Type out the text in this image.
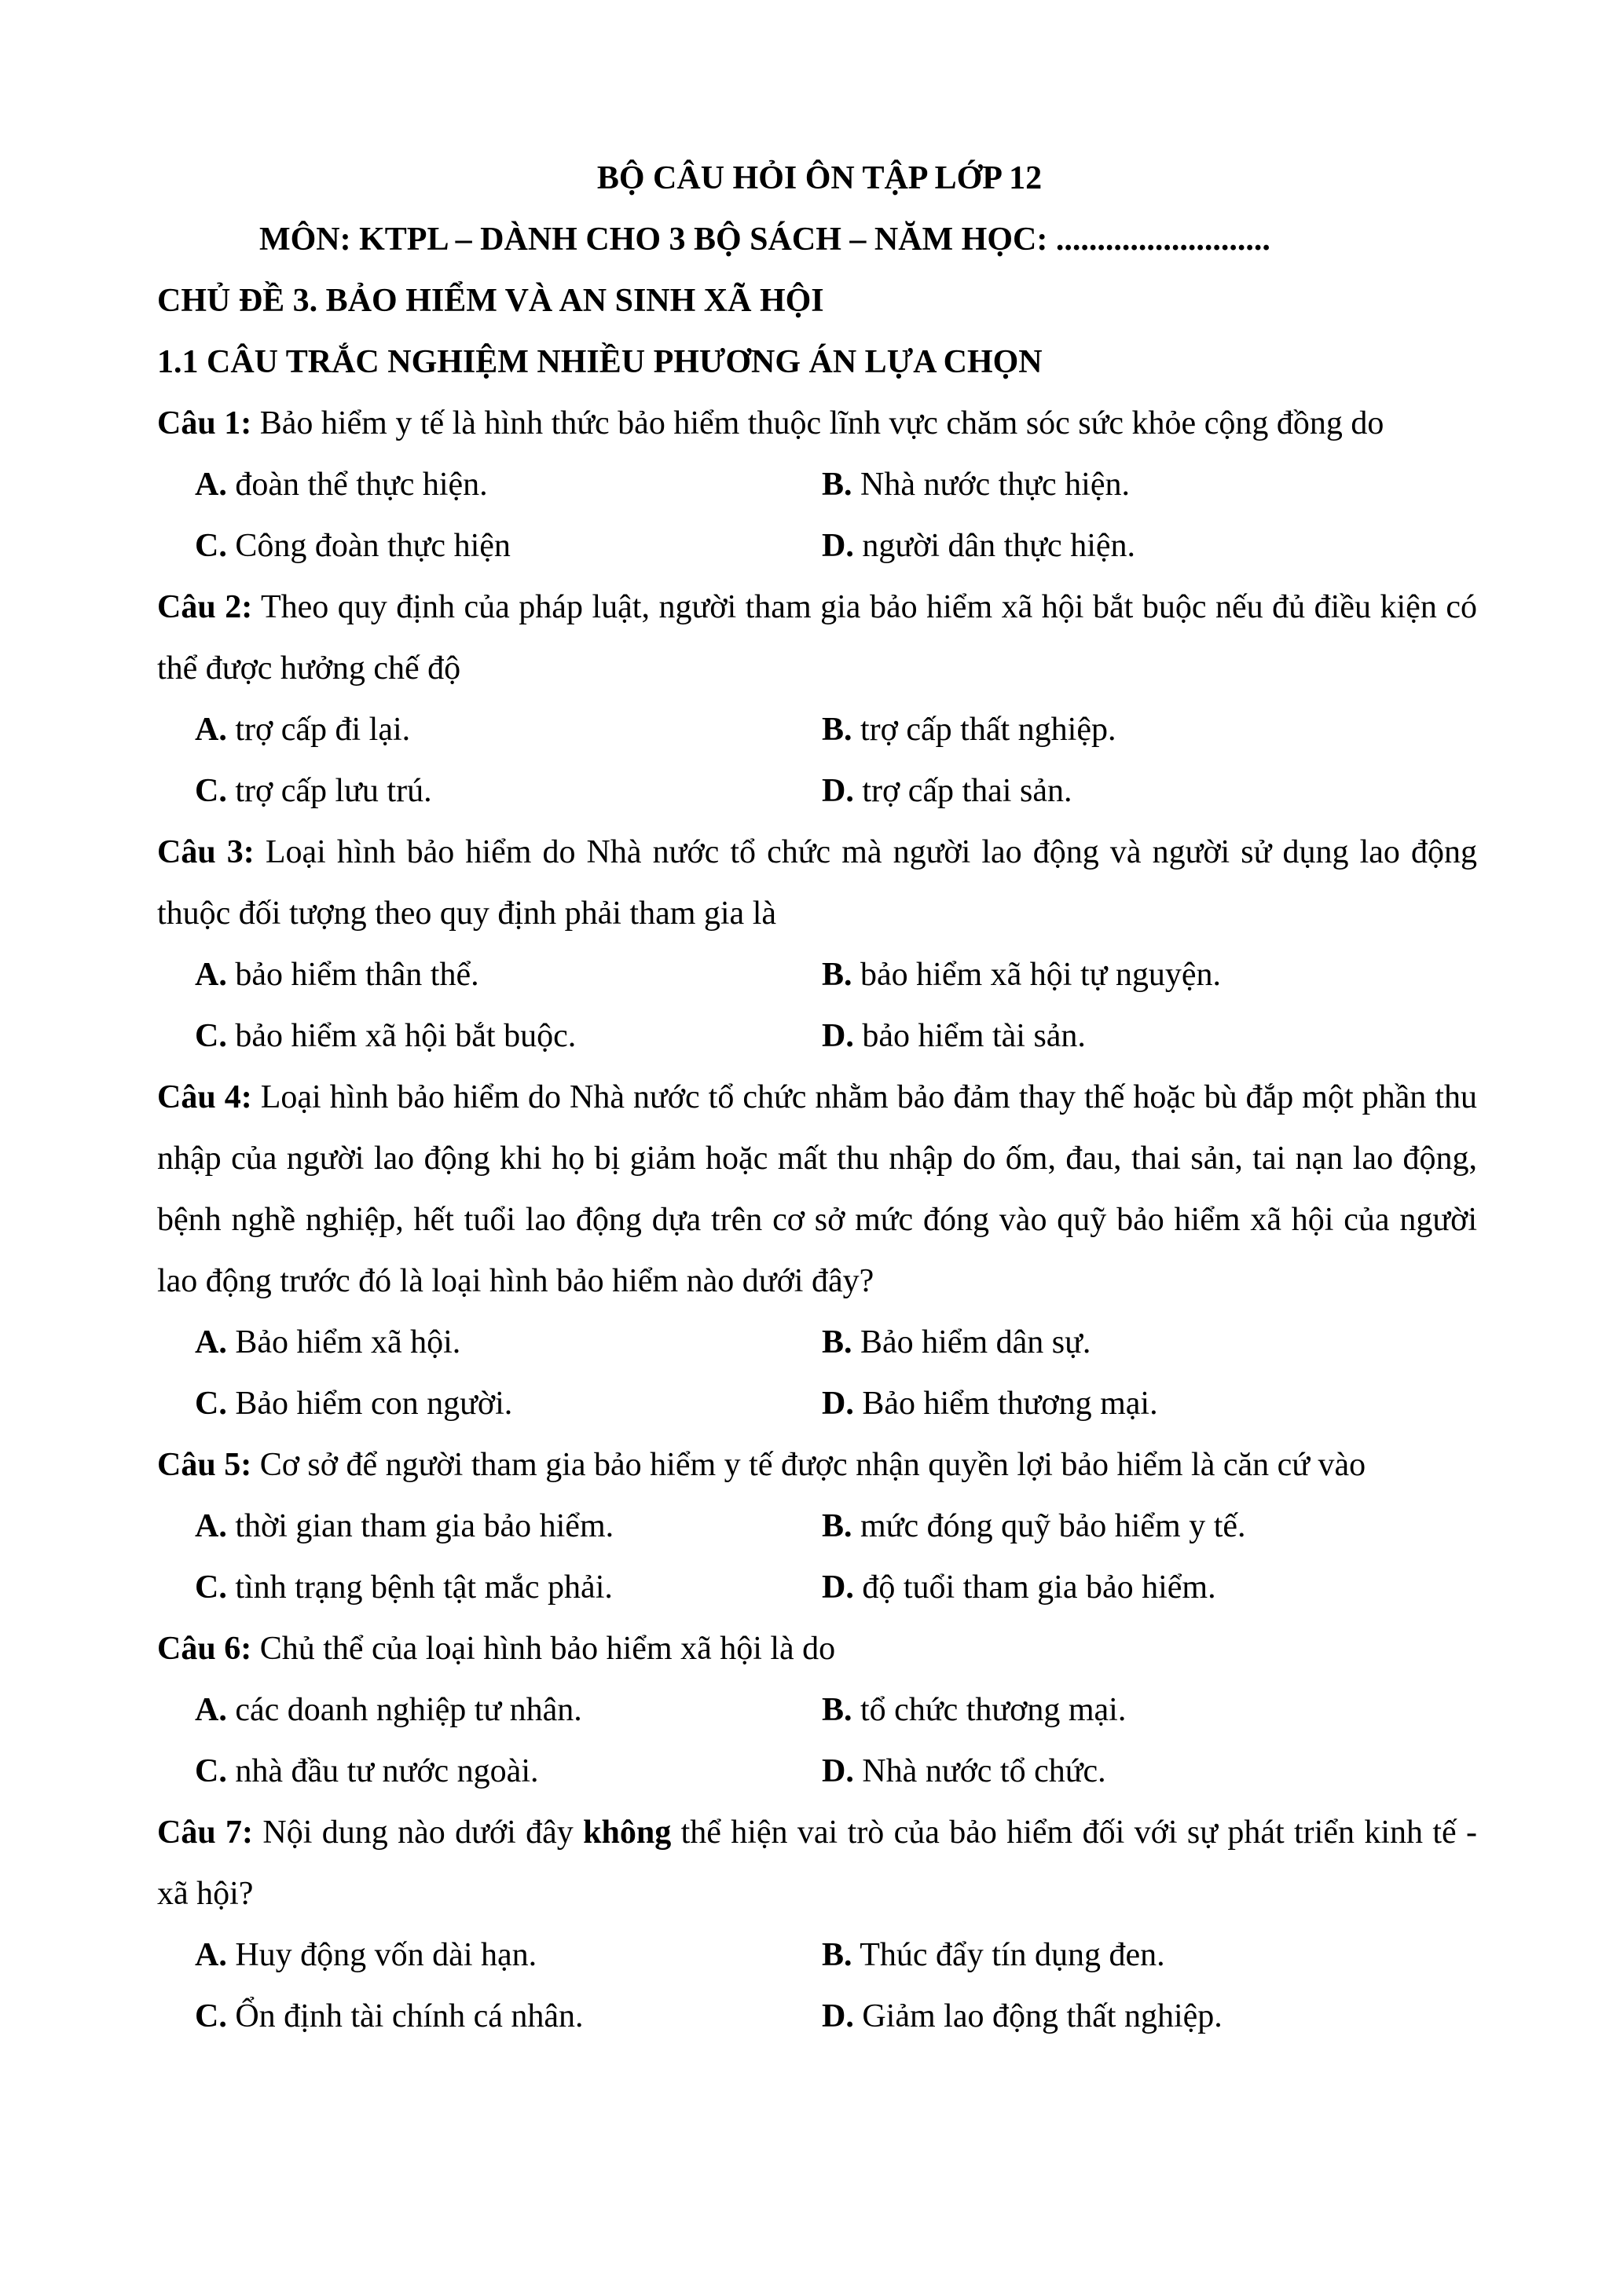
BỘ CÂU HỎI ÔN TẬP LỚP 12
MÔN: KTPL – DÀNH CHO 3 BỘ SÁCH – NĂM HỌC: ..........................
CHỦ ĐỀ 3. BẢO HIỂM VÀ AN SINH XÃ HỘI
1.1 CÂU TRẮC NGHIỆM NHIỀU PHƯƠNG ÁN LỰA CHỌN
Câu 1: Bảo hiểm y tế là hình thức bảo hiểm thuộc lĩnh vực chăm sóc sức khỏe cộng đồng do
A. đoàn thể thực hiện.	B. Nhà nước thực hiện.
C. Công đoàn thực hiện	D. người dân thực hiện.
Câu 2: Theo quy định của pháp luật, người tham gia bảo hiểm xã hội bắt buộc nếu đủ điều kiện có thể được hưởng chế độ
A. trợ cấp đi lại.	B. trợ cấp thất nghiệp.
C. trợ cấp lưu trú.	D. trợ cấp thai sản.
Câu 3: Loại hình bảo hiểm do Nhà nước tổ chức mà người lao động và người sử dụng lao động thuộc đối tượng theo quy định phải tham gia là
A. bảo hiểm thân thể.	B. bảo hiểm xã hội tự nguyện.
C. bảo hiểm xã hội bắt buộc.	D. bảo hiểm tài sản.
Câu 4: Loại hình bảo hiểm do Nhà nước tổ chức nhằm bảo đảm thay thế hoặc bù đắp một phần thu nhập của người lao động khi họ bị giảm hoặc mất thu nhập do ốm, đau, thai sản, tai nạn lao động, bệnh nghề nghiệp, hết tuổi lao động dựa trên cơ sở mức đóng vào quỹ bảo hiểm xã hội của người lao động trước đó là loại hình bảo hiểm nào dưới đây?
A. Bảo hiểm xã hội.	B. Bảo hiểm dân sự.
C. Bảo hiểm con người.	D. Bảo hiểm thương mại.
Câu 5: Cơ sở để người tham gia bảo hiểm y tế được nhận quyền lợi bảo hiểm là căn cứ vào
A. thời gian tham gia bảo hiểm.	B. mức đóng quỹ bảo hiểm y tế.
C. tình trạng bệnh tật mắc phải.	D. độ tuổi tham gia bảo hiểm.
Câu 6: Chủ thể của loại hình bảo hiểm xã hội là do
A. các doanh nghiệp tư nhân.	B. tổ chức thương mại.
C. nhà đầu tư nước ngoài.	D. Nhà nước tổ chức.
Câu 7: Nội dung nào dưới đây không thể hiện vai trò của bảo hiểm đối với sự phát triển kinh tế - xã hội?
A. Huy động vốn dài hạn.	B. Thúc đẩy tín dụng đen.
C. Ổn định tài chính cá nhân.	D. Giảm lao động thất nghiệp.
